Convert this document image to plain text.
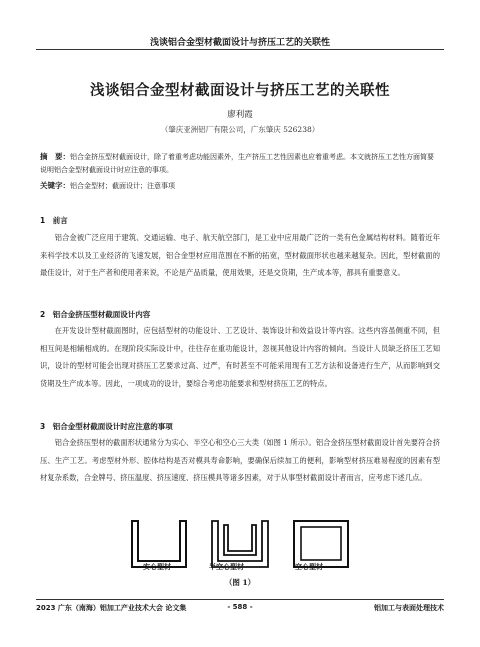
浅谈铝合金型材截面设计与挤压工艺的关联性
浅谈铝合金型材截面设计与挤压工艺的关联性
廖利霞
（肇庆亚洲铝厂有限公司，广东肇庆 526238）
摘　要：铝合金挤压型材截面设计，除了着重考虑功能因素外，生产挤压工艺性因素也应着重考虑。本文就挤压工艺性方面简要说明铝合金型材截面设计时应注意的事项。
关键字：铝合金型材；截面设计；注意事项
1　前言
铝合金被广泛应用于建筑、交通运输、电子、航天航空部门，是工业中应用最广泛的一类有色金属结构材料。随着近年来科学技术以及工业经济的飞速发展，铝合金型材应用范围在不断的拓宽，型材截面形状也越来越复杂。因此，型材截面的最佳设计，对于生产者和使用者来说，不论是产品质量，使用效果，还是交货期，生产成本等，都具有重要意义。
2　铝合金挤压型材截面设计内容
在开发设计型材截面图时，应包括型材的功能设计、工艺设计、装饰设计和效益设计等内容。这些内容虽侧重不同，但相互间是相辅相成的。在现阶段实际设计中，往往存在重功能设计，忽视其他设计内容的倾向。当设计人员缺乏挤压工艺知识，设计的型材可能会出现对挤压工艺要求过高、过严，有时甚至不可能采用现有工艺方法和设备进行生产，从而影响到交货期及生产成本等。因此，一项成功的设计，要综合考虑功能要求和型材挤压工艺的特点。
3　铝合金型材截面设计时应注意的事项
铝合金挤压型材的截面形状通常分为实心、半空心和空心三大类（如图 1 所示）。铝合金挤压型材截面设计首先要符合挤压、生产工艺。考虑型材外形、腔体结构是否对模具寿命影响，要确保后续加工的便利，影响型材挤压难易程度的因素有型材复杂系数，合金牌号、挤压温度、挤压速度、挤压模具等诸多因素，对于从事型材截面设计者而言，应考虑下述几点。
实心型材	半空心型材	空心型材
（图 1）
2023 广东（南海）铝加工产业技术大会 论文集	- 588 -	铝加工与表面处理技术
